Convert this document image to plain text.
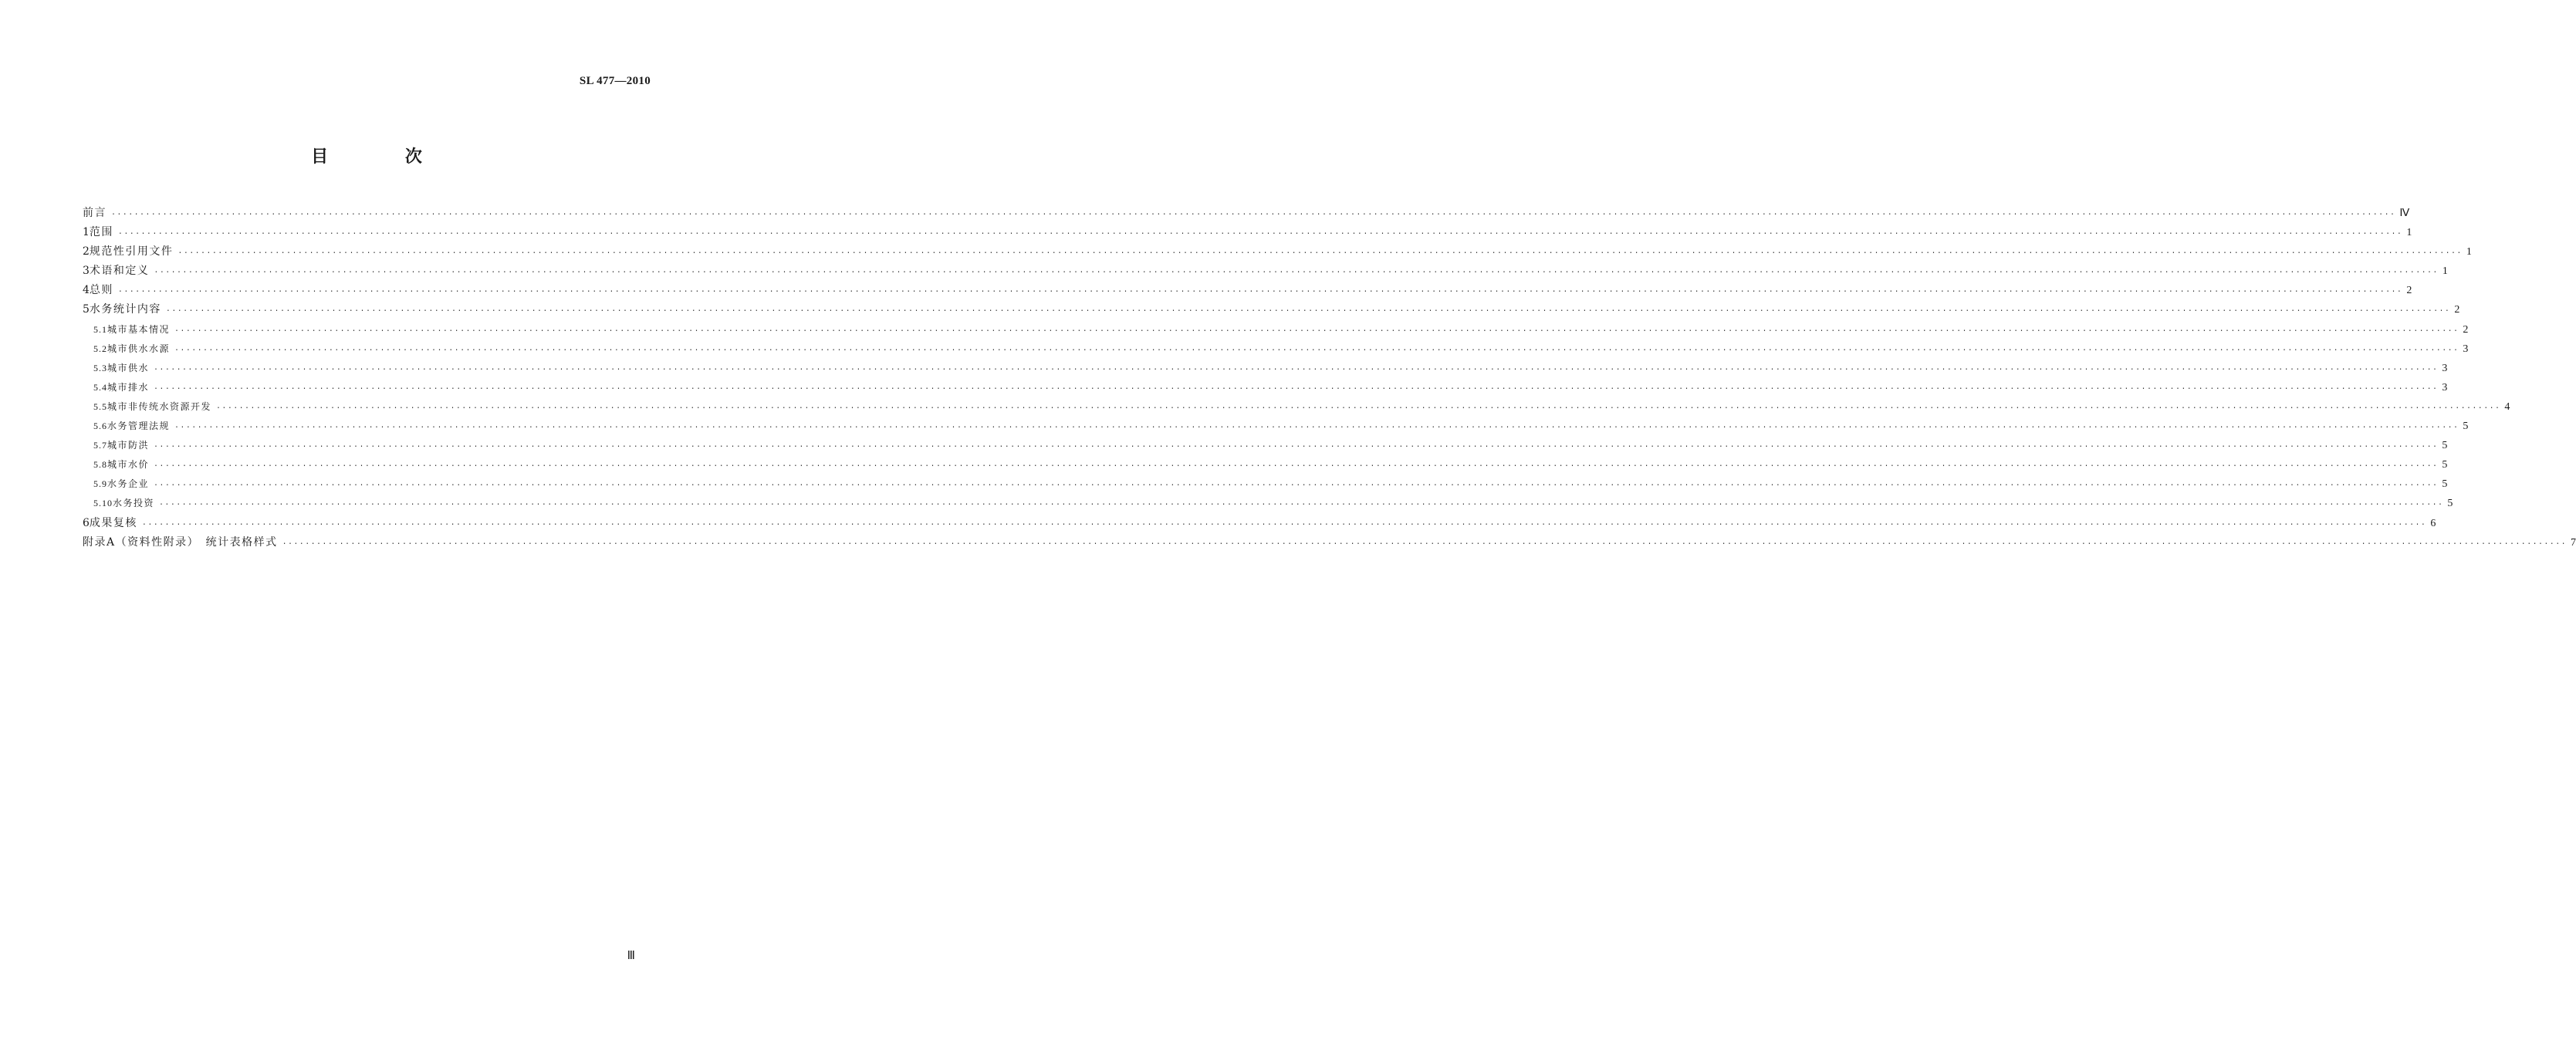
SL 477—2010
目 次
前言 ················································································································································································································································································································································································································ Ⅳ
1 范围 ················································································································································································································································································································································································································ 1
2 规范性引用文件 ················································································································································································································································································································································································································ 1
3 术语和定义 ················································································································································································································································································································································································································ 1
4 总则 ················································································································································································································································································································································································································ 2
5 水务统计内容 ················································································································································································································································································································································································································ 2
5.1 城市基本情况 ················································································································································································································································································································································································································ 2
5.2 城市供水水源 ················································································································································································································································································································································································································ 3
5.3 城市供水 ················································································································································································································································································································································································································ 3
5.4 城市排水 ················································································································································································································································································································································································································ 3
5.5 城市非传统水资源开发 ················································································································································································································································································································································································································ 4
5.6 水务管理法规 ················································································································································································································································································································································································································ 5
5.7 城市防洪 ················································································································································································································································································································································································································ 5
5.8 城市水价 ················································································································································································································································································································································································································ 5
5.9 水务企业 ················································································································································································································································································································································································································ 5
5.10 水务投资 ················································································································································································································································································································································································································ 5
6 成果复核 ················································································································································································································································································································································································································ 6
附录A（资料性附录）　统计表格样式 ················································································································································································································································································································································································································ 7
Ⅲ
